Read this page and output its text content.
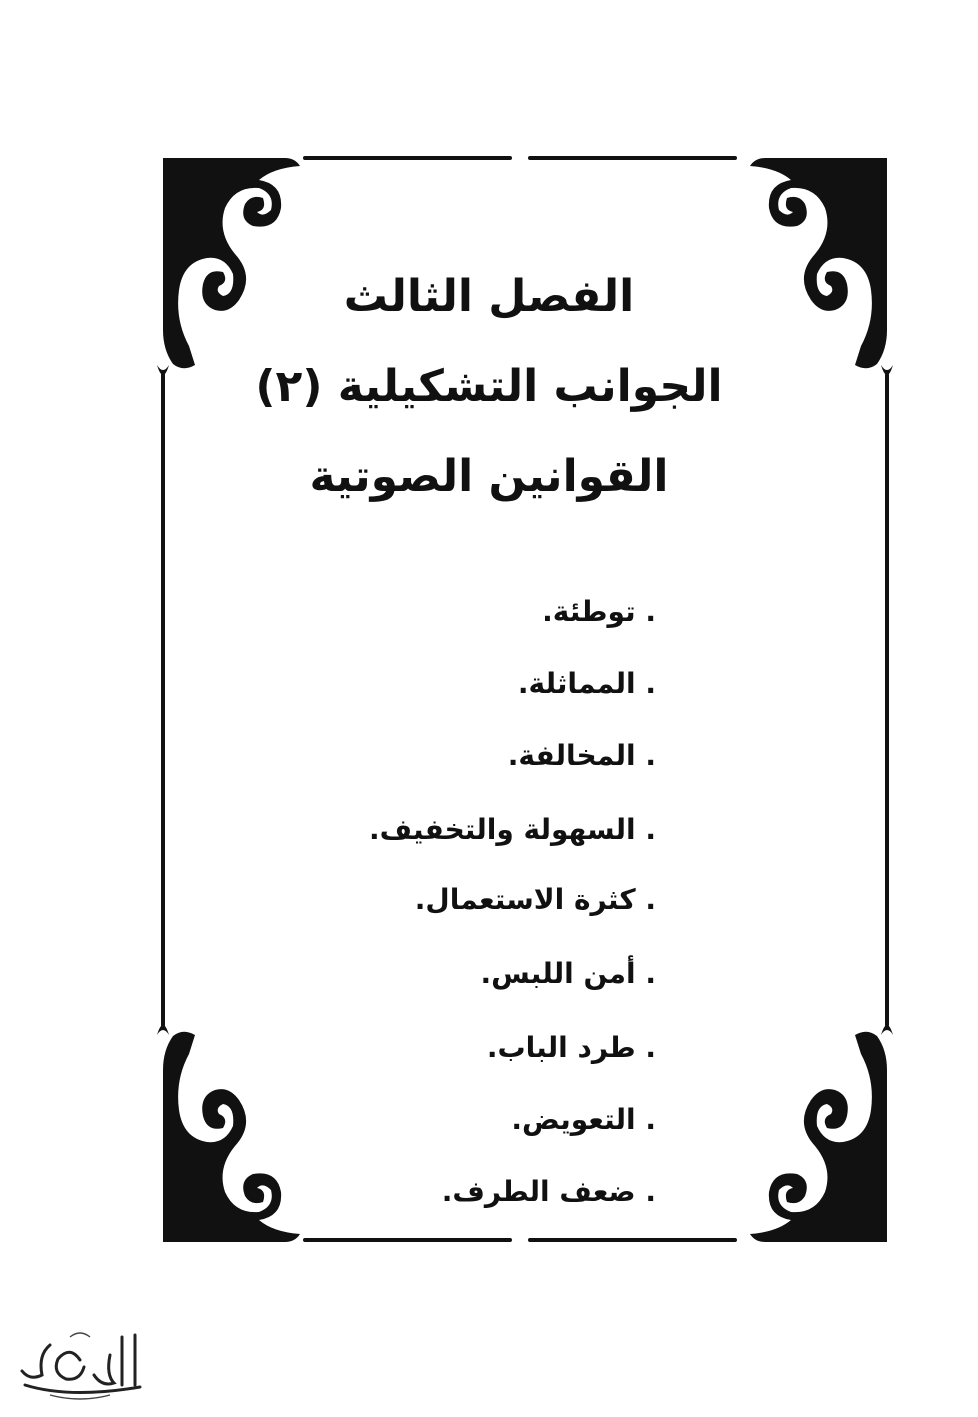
الفصل الثالث
الجوانب التشكيلية (٢)
القوانين الصوتية
. توطئة.
. المماثلة.
. المخالفة.
. السهولة والتخفيف.
. كثرة الاستعمال.
. أمن اللبس.
. طرد الباب.
. التعويض.
. ضعف الطرف.
